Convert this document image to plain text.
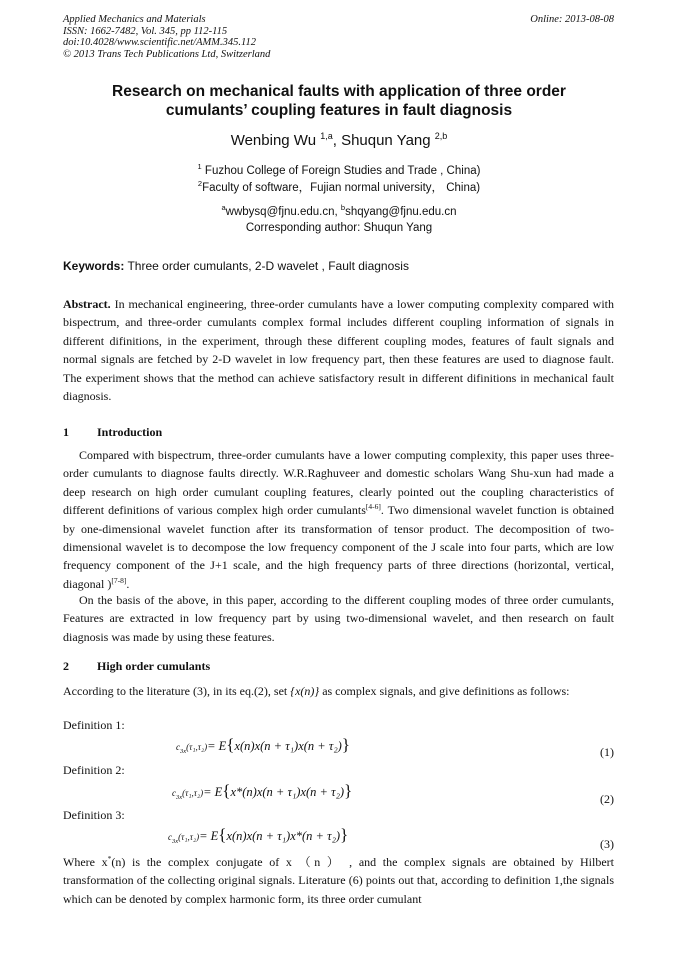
Applied Mechanics and Materials
ISSN: 1662-7482, Vol. 345, pp 112-115
doi:10.4028/www.scientific.net/AMM.345.112
© 2013 Trans Tech Publications Ltd, Switzerland
Online: 2013-08-08
Research on mechanical faults with application of three order
cumulants’ coupling features in fault diagnosis
Wenbing Wu $^{1,a}$, Shuqun Yang $^{2,b}$
$^1$ Fuzhou College of Foreign Studies and Trade , China)
$^2$Faculty of software，Fujian normal university， China)
$^a$wwbysq@fjnu.edu.cn, $^b$shqyang@fjnu.edu.cn
Corresponding author: Shuqun Yang
Keywords: Three order cumulants, 2-D wavelet , Fault diagnosis

Abstract. In mechanical engineering, three-order cumulants have a lower computing complexity compared with bispectrum, and three-order cumulants complex formal includes different coupling information of signals in different difinitions, in the experiment, through these different coupling modes, features of fault signals and normal signals are fetched by 2-D wavelet in low frequency part, then these features are used to diagnose fault. The experiment shows that the method can achieve satisfactory result in different difinitions in mechanical fault diagnosis.

1 Introduction

Compared with bispectrum, three-order cumulants have a lower computing complexity, this paper uses three-order cumulants to diagnose faults directly. W.R.Raghuveer and domestic scholars Wang Shu-xun had made a deep research on high order cumulant coupling features, clearly pointed out the coupling characteristics of different definitions of various complex high order cumulants[4-6]. Two dimensional wavelet function is obtained by one-dimensional wavelet function after its transformation of tensor product. The decomposition of two-dimensional wavelet is to decompose the low frequency component of the J scale into four parts, which are low frequency component of the J+1 scale, and the high frequency parts of three directions (horizontal, vertical, diagonal )[7-8].

On the basis of the above, in this paper, according to the different coupling modes of three order cumulants, Features are extracted in low frequency part by using two-dimensional wavelet, and then research on fault diagnosis was made by using these features.

2 High order cumulants

According to the literature (3), in its eq.(2), set {x(n)} as complex signals, and give definitions as follows:

Definition 1:
$c_{3x}(\tau_1,\tau_2)= E\{x(n)x(n + \tau_1)x(n + \tau_2)\}$	(1)
Definition 2:
$c_{3x}(\tau_1,\tau_2)= E\{x*(n)x(n + \tau_1)x(n + \tau_2)\}$	(2)
Definition 3:
$c_{3x}(\tau_1,\tau_2)= E\{x(n)x(n + \tau_1)x*(n + \tau_2)\}$	(3)

Where x*(n) is the complex conjugate of x （n ） , and the complex signals are obtained by Hilbert transformation of the collecting original signals. Literature (6) points out that, according to definition 1,the signals which can be denoted by complex harmonic form, its three order cumulant
